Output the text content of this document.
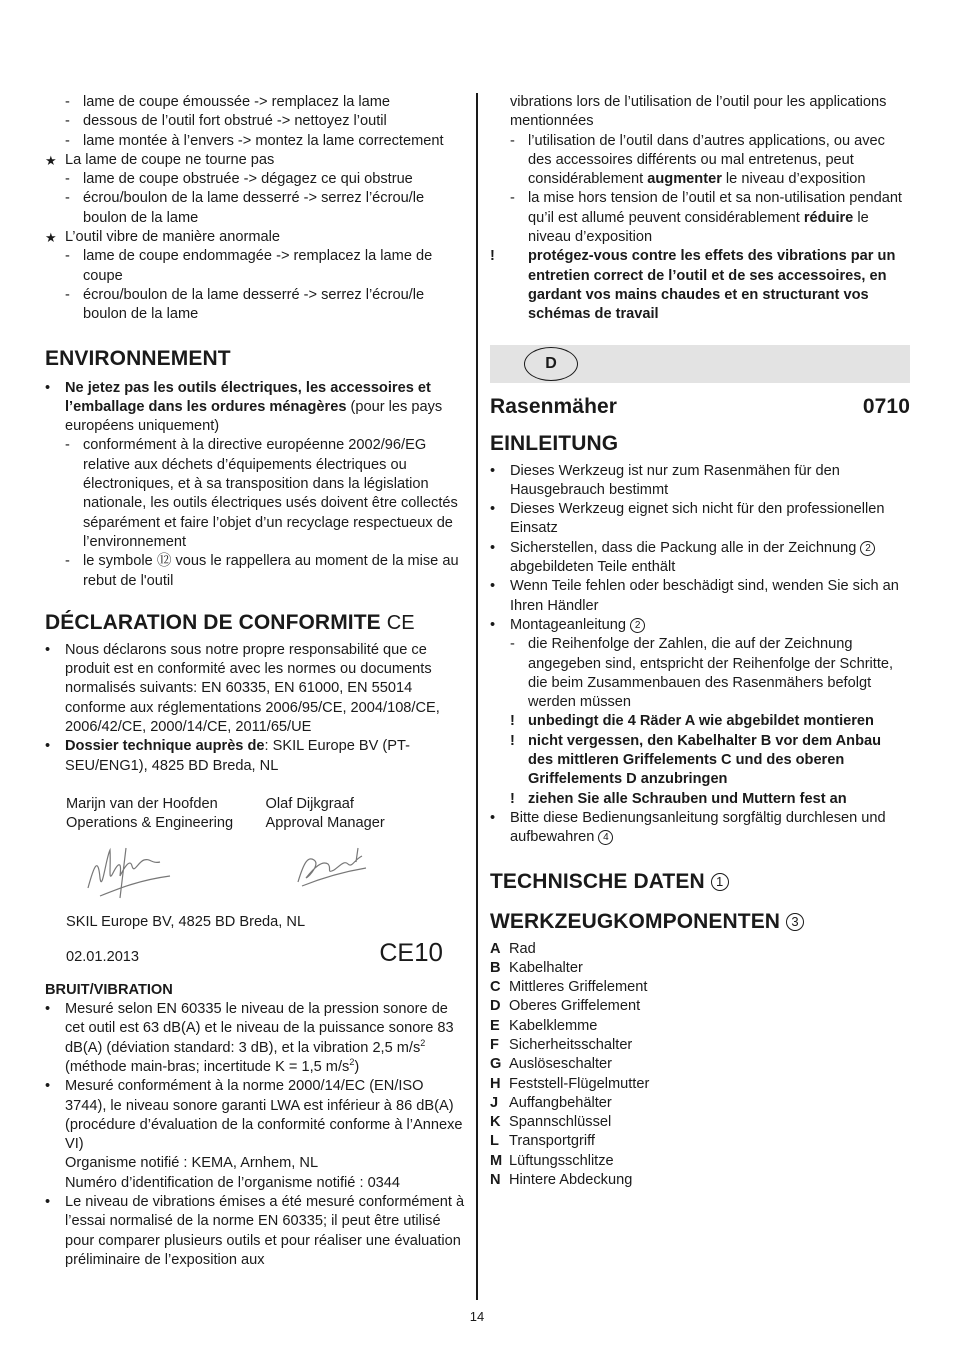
- lame de coupe émoussée -> remplacez la lame
- dessous de l’outil fort obstrué -> nettoyez l’outil
- lame montée à l’envers -> montez la lame correctement
★ La lame de coupe ne tourne pas
- lame de coupe obstruée -> dégagez ce qui obstrue
- écrou/boulon de la lame desserré -> serrez l’écrou/le boulon de la lame
★ L’outil vibre de manière anormale
- lame de coupe endommagée -> remplacez la lame de coupe
- écrou/boulon de la lame desserré -> serrez l’écrou/le boulon de la lame
ENVIRONNEMENT
• Ne jetez pas les outils électriques, les accessoires et l’emballage dans les ordures ménagères (pour les pays européens uniquement)
- conformément à la directive européenne 2002/96/EG relative aux déchets d’équipements électriques ou électroniques, et à sa transposition dans la législation nationale, les outils électriques usés doivent être collectés séparément et faire l’objet d’un recyclage respectueux de l’environnement
- le symbole ⑫ vous le rappellera au moment de la mise au rebut de l'outil
DÉCLARATION DE CONFORMITE CE
• Nous déclarons sous notre propre responsabilité que ce produit est en conformité avec les normes ou documents normalisés suivants: EN 60335, EN 61000, EN 55014 conforme aux réglementations 2006/95/CE, 2004/108/CE, 2006/42/CE, 2000/14/CE, 2011/65/UE
• Dossier technique auprès de: SKIL Europe BV (PT-SEU/ENG1), 4825 BD Breda, NL
Marijn van der Hoofden
Operations & Engineering
Olaf Dijkgraaf
Approval Manager
SKIL Europe BV, 4825 BD Breda, NL
02.01.2013	CE10
BRUIT/VIBRATION
• Mesuré selon EN 60335 le niveau de la pression sonore de cet outil est 63 dB(A) et le niveau de la puissance sonore 83 dB(A) (déviation standard: 3 dB), et la vibration 2,5 $m/s^2$ (méthode main-bras; incertitude K = 1,5 $m/s^2$)
• Mesuré conformément à la norme 2000/14/EC (EN/ISO 3744), le niveau sonore garanti LWA est inférieur à 86 dB(A) (procédure d’évaluation de la conformité conforme à l’Annexe VI)
Organisme notifié : KEMA, Arnhem, NL
Numéro d’identification de l’organisme notifié : 0344
• Le niveau de vibrations émises a été mesuré conformément à l’essai normalisé de la norme EN 60335; il peut être utilisé pour comparer plusieurs outils et pour réaliser une évaluation préliminaire de l’exposition aux
vibrations lors de l’utilisation de l’outil pour les applications mentionnées
- l’utilisation de l’outil dans d’autres applications, ou avec des accessoires différents ou mal entretenus, peut considérablement augmenter le niveau d’exposition
- la mise hors tension de l’outil et sa non-utilisation pendant qu’il est allumé peuvent considérablement réduire le niveau d’exposition
! protégez-vous contre les effets des vibrations par un entretien correct de l’outil et de ses accessoires, en gardant vos mains chaudes et en structurant vos schémas de travail
D
Rasenmäher	0710
EINLEITUNG
• Dieses Werkzeug ist nur zum Rasenmähen für den Hausgebrauch bestimmt
• Dieses Werkzeug eignet sich nicht für den professionellen Einsatz
• Sicherstellen, dass die Packung alle in der Zeichnung 2 abgebildeten Teile enthält
• Wenn Teile fehlen oder beschädigt sind, wenden Sie sich an Ihren Händler
• Montageanleitung 2
- die Reihenfolge der Zahlen, die auf der Zeichnung angegeben sind, entspricht der Reihenfolge der Schritte, die beim Zusammenbauen des Rasenmähers befolgt werden müssen
! unbedingt die 4 Räder A wie abgebildet montieren
! nicht vergessen, den Kabelhalter B vor dem Anbau des mittleren Griffelements C und des oberen Griffelements D anzubringen
! ziehen Sie alle Schrauben und Muttern fest an
• Bitte diese Bedienungsanleitung sorgfältig durchlesen und aufbewahren 4
TECHNISCHE DATEN 1
WERKZEUGKOMPONENTEN 3
A Rad
B Kabelhalter
C Mittleres Griffelement
D Oberes Griffelement
E Kabelklemme
F Sicherheitsschalter
G Auslöseschalter
H Feststell-Flügelmutter
J Auffangbehälter
K Spannschlüssel
L Transportgriff
M Lüftungsschlitze
N Hintere Abdeckung
14
